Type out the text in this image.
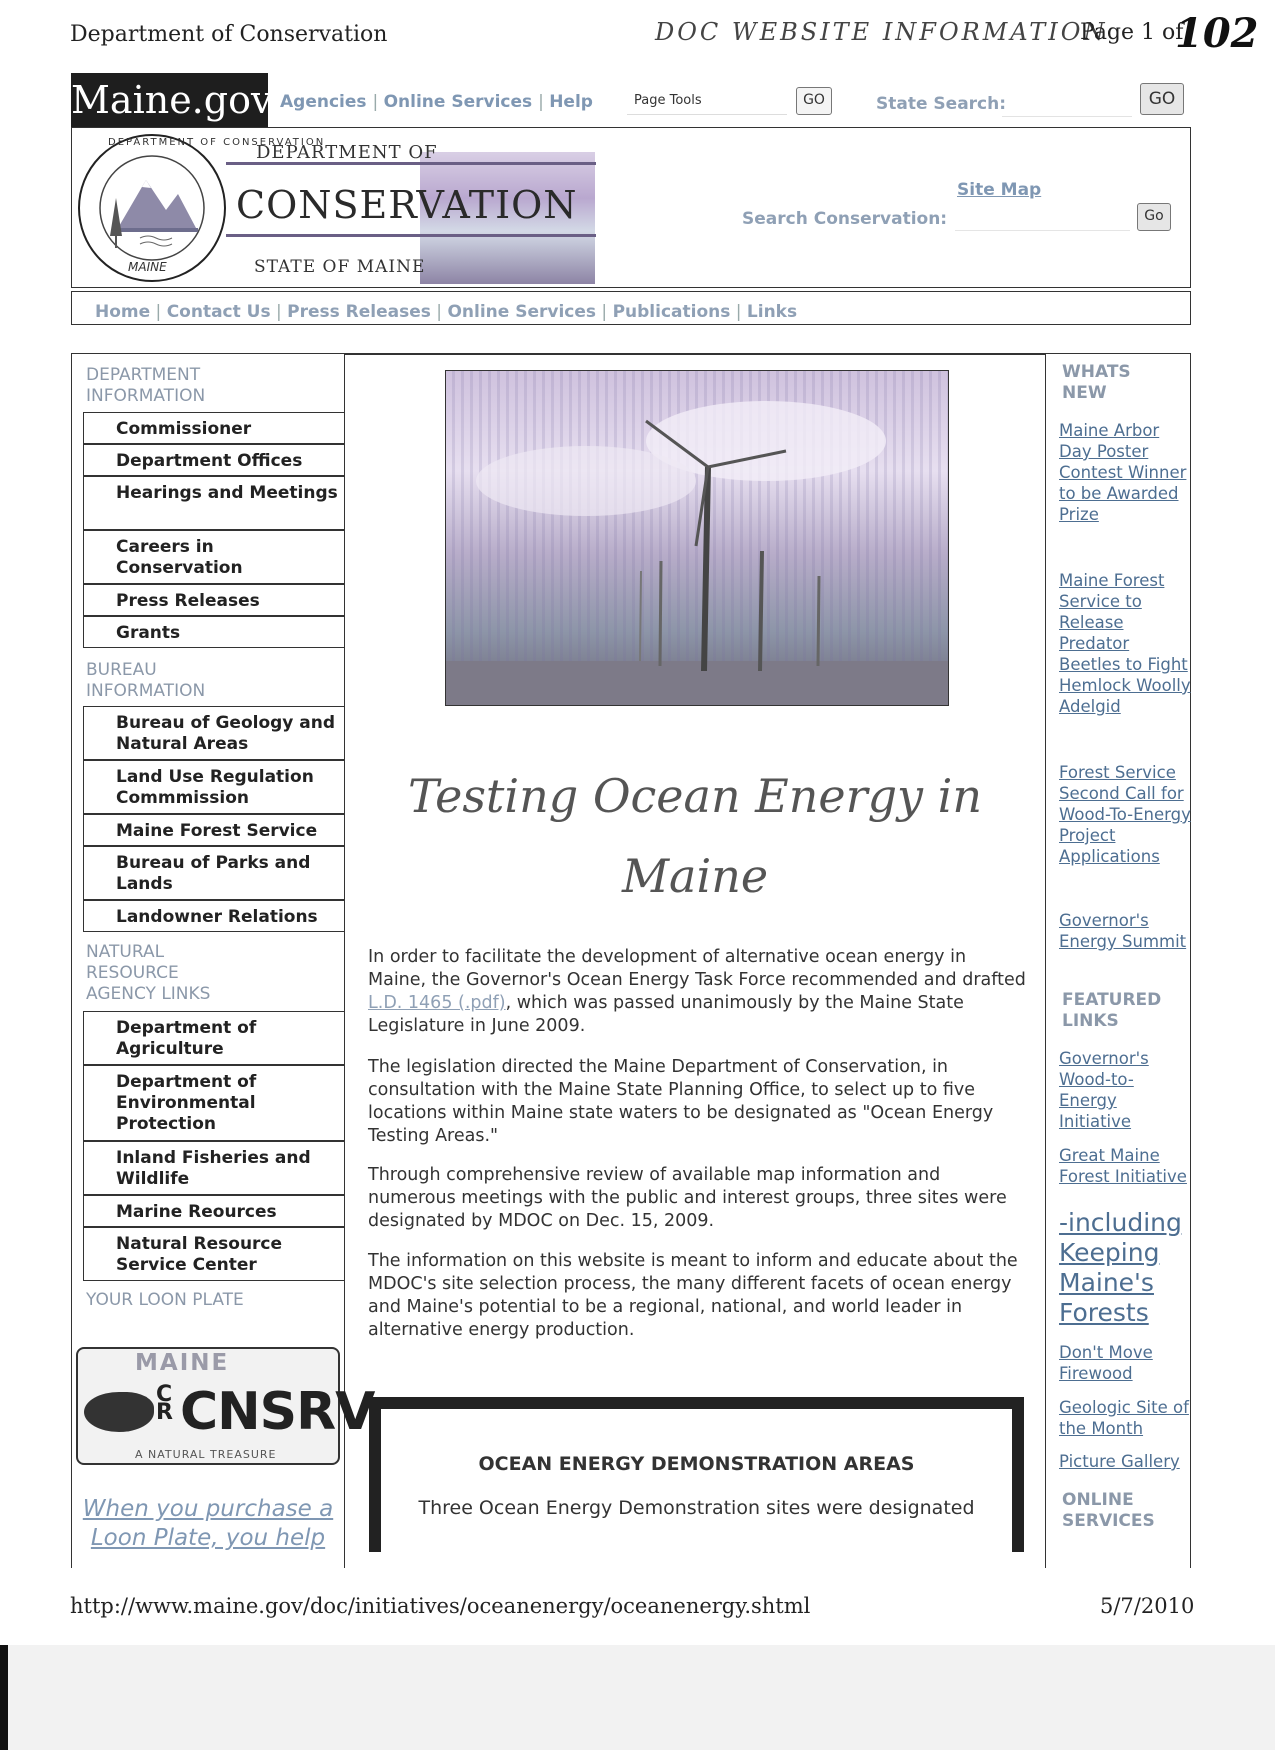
Department of Conservation	DOC WEBSITE INFORMATION
Page 1 of
102
Maine.gov Agencies | Online Services | Help	Page Tools	GO	State Search:	GO
DEPARTMENT OF CONSERVATION
MAINE
DEPARTMENT OF
CONSERVATION
STATE OF MAINE
Site Map
Search Conservation:	Go
Home | Contact Us | Press Releases | Online Services | Publications | Links
DEPARTMENT
INFORMATION
Commissioner
Department Offices
Hearings and Meetings
Careers in Conservation
Press Releases
Grants
BUREAU
INFORMATION
Bureau of Geology and Natural Areas
Land Use Regulation Commmission
Maine Forest Service
Bureau of Parks and Lands
Landowner Relations
NATURAL
RESOURCE
AGENCY LINKS
Department of Agriculture
Department of Environmental Protection
Inland Fisheries and Wildlife
Marine Reources
Natural Resource Service Center
YOUR LOON PLATE
MAINE
C R CNSRV
A NATURAL TREASURE
When you purchase a Loon Plate, you help
Testing Ocean Energy in
Maine
In order to facilitate the development of alternative ocean energy in Maine, the Governor's Ocean Energy Task Force recommended and drafted L.D. 1465 (.pdf), which was passed unanimously by the Maine State Legislature in June 2009.
The legislation directed the Maine Department of Conservation, in consultation with the Maine State Planning Office, to select up to five locations within Maine state waters to be designated as "Ocean Energy Testing Areas."
Through comprehensive review of available map information and numerous meetings with the public and interest groups, three sites were designated by MDOC on Dec. 15, 2009.
The information on this website is meant to inform and educate about the MDOC's site selection process, the many different facets of ocean energy and Maine's potential to be a regional, national, and world leader in alternative energy production.
OCEAN ENERGY DEMONSTRATION AREAS
Three Ocean Energy Demonstration sites were designated
WHATS
NEW
Maine Arbor Day Poster Contest Winner to be Awarded Prize
Maine Forest Service to Release Predator Beetles to Fight Hemlock Woolly Adelgid
Forest Service Second Call for Wood-To-Energy Project Applications
Governor's Energy Summit
FEATURED
LINKS
Governor's Wood-to-Energy Initiative
Great Maine Forest Initiative
-including Keeping Maine's Forests
Don't Move Firewood
Geologic Site of the Month
Picture Gallery
ONLINE
SERVICES
http://www.maine.gov/doc/initiatives/oceanenergy/oceanenergy.shtml	5/7/2010
